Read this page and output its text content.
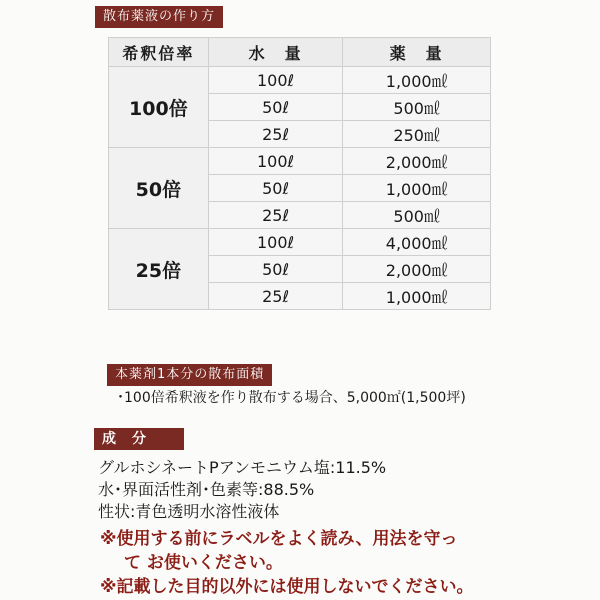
散布薬液の作り方
希釈倍率	水　量	薬　量
100倍	100ℓ	1,000㎖
	50ℓ	500㎖
	25ℓ	250㎖
50倍	100ℓ	2,000㎖
	50ℓ	1,000㎖
	25ℓ	500㎖
25倍	100ℓ	4,000㎖
	50ℓ	2,000㎖
	25ℓ	1,000㎖
本薬剤1本分の散布面積
･100倍希釈液を作り散布する場合、5,000㎡(1,500坪)
成　分
グルホシネートPアンモニウム塩:11.5%
水･界面活性剤･色素等:88.5%
性状:青色透明水溶性液体
※使用する前にラベルをよく読み、用法を守っ
て お使いください。
※記載した目的以外には使用しないでください。
